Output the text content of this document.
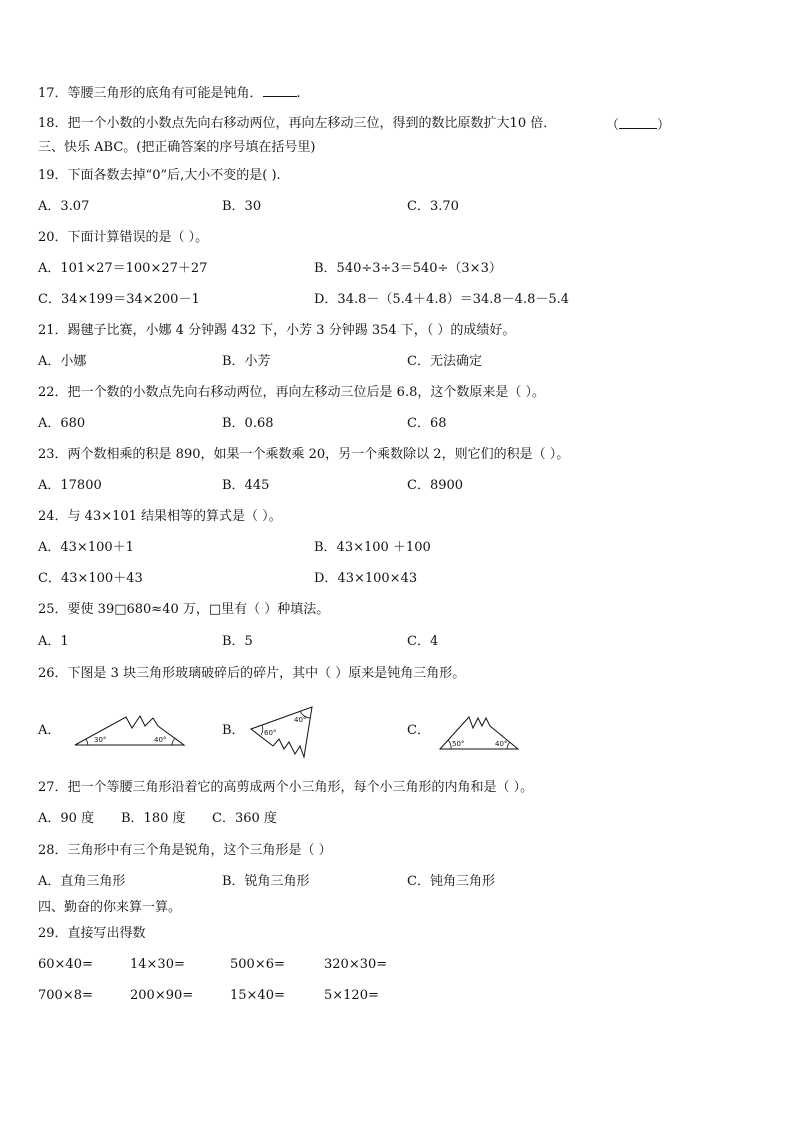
17．等腰三角形的底角有可能是钝角．	.
18．把一个小数的小数点先向右移动两位，再向左移动三位，得到的数比原数扩大10 倍．	（	）
三、快乐 ABC。(把正确答案的序号填在括号里)
19．下面各数去掉“0”后,大小不变的是( ).
A．3.07	B．30	C．3.70
20．下面计算错误的是（ ）。
A．101×27＝100×27＋27	B．540÷3÷3＝540÷（3×3）
C．34×199＝34×200－1	D．34.8－（5.4＋4.8）＝34.8－4.8－5.4
21．踢毽子比赛，小娜 4 分钟踢 432 下，小芳 3 分钟踢 354 下，（ ）的成绩好。
A．小娜	B．小芳	C．无法确定
22．把一个数的小数点先向右移动两位，再向左移动三位后是 6.8，这个数原来是（ ）。
A．680	B．0.68	C．68
23．两个数相乘的积是 890，如果一个乘数乘 20，另一个乘数除以 2，则它们的积是（ ）。
A．17800	B．445	C．8900
24．与 43×101 结果相等的算式是（ ）。
A．43×100＋1	B．43×100 ＋100
C．43×100＋43	D．43×100×43
25．要使 39□680≈40 万，□里有（ ）种填法。
A．1	B．5	C．4
26．下图是 3 块三角形玻璃破碎后的碎片，其中（ ）原来是钝角三角形。
A．	B．	C．
30°	40°
40°
60°
50°	40°
27．把一个等腰三角形沿着它的高剪成两个小三角形，每个小三角形的内角和是（ ）。
A．90 度 B．180 度 C．360 度
28．三角形中有三个角是锐角，这个三角形是（ ）
A．直角三角形	B．锐角三角形	C．钝角三角形
四、勤奋的你来算一算。
29．直接写出得数
60×40=	14×30=	500×6=	320×30=
700×8=	200×90=	15×40=	5×120=
